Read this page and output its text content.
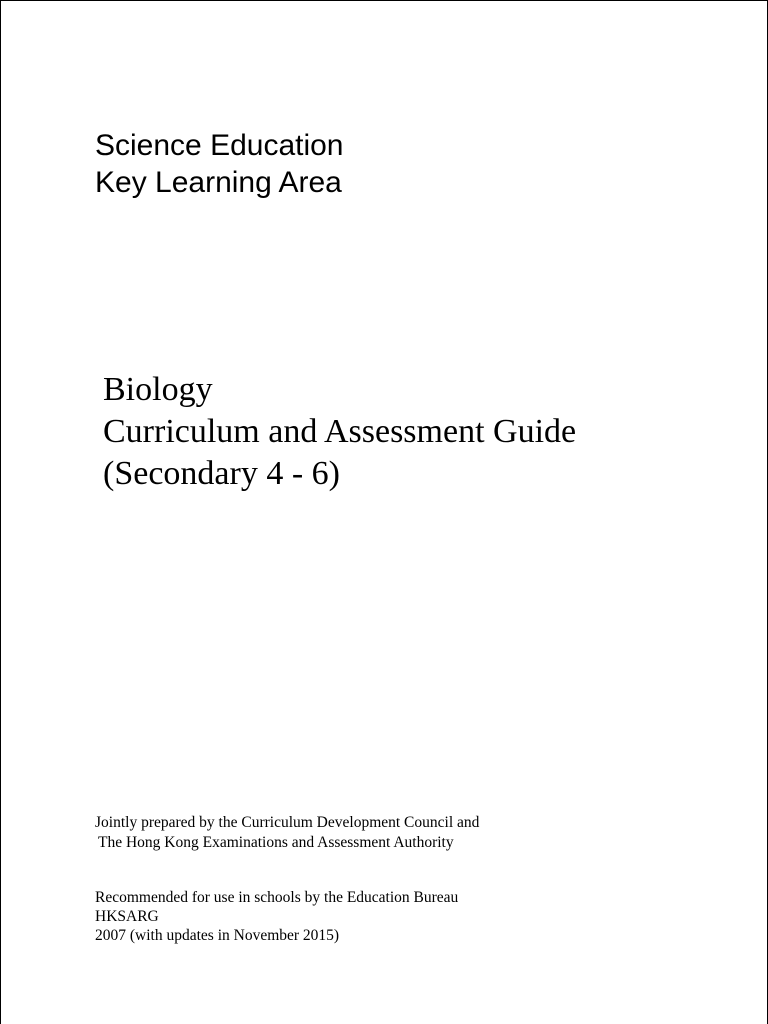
Science Education
Key Learning Area
Biology
Curriculum and Assessment Guide
(Secondary 4 - 6)
Jointly prepared by the Curriculum Development Council and
The Hong Kong Examinations and Assessment Authority
Recommended for use in schools by the Education Bureau
HKSARG
2007 (with updates in November 2015)
